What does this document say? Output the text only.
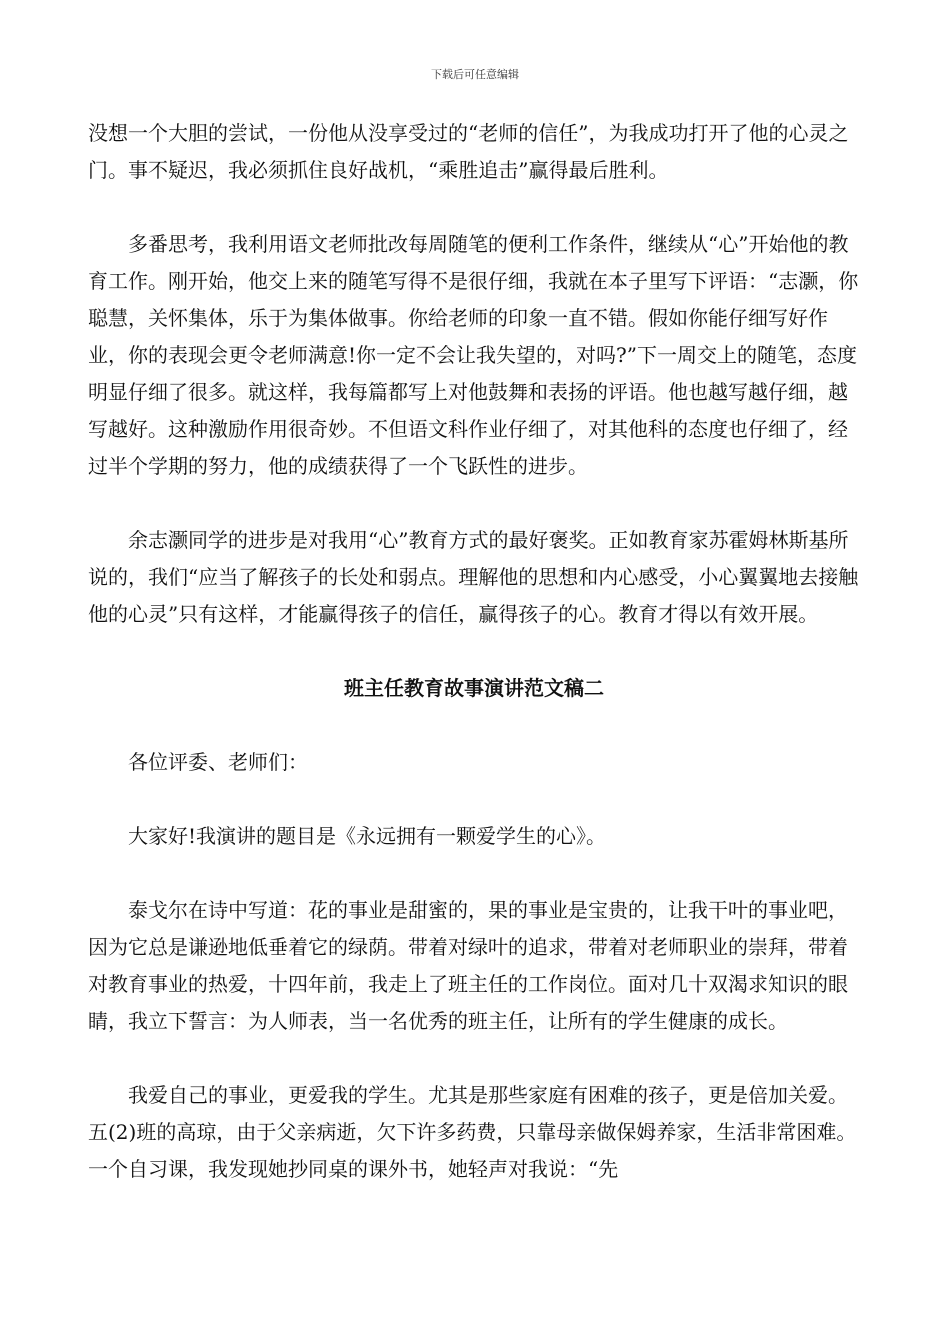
下载后可任意编辑

没想一个大胆的尝试，一份他从没享受过的“老师的信任”，为我成功打开了他的心灵之门。事不疑迟，我必须抓住良好战机，“乘胜追击”赢得最后胜利。

多番思考，我利用语文老师批改每周随笔的便利工作条件，继续从“心”开始他的教育工作。刚开始，他交上来的随笔写得不是很仔细，我就在本子里写下评语：“志灏，你聪慧，关怀集体，乐于为集体做事。你给老师的印象一直不错。假如你能仔细写好作业，你的表现会更令老师满意!你一定不会让我失望的，对吗?”下一周交上的随笔，态度明显仔细了很多。就这样，我每篇都写上对他鼓舞和表扬的评语。他也越写越仔细，越写越好。这种激励作用很奇妙。不但语文科作业仔细了，对其他科的态度也仔细了，经过半个学期的努力，他的成绩获得了一个飞跃性的进步。

余志灏同学的进步是对我用“心”教育方式的最好褒奖。正如教育家苏霍姆林斯基所说的，我们“应当了解孩子的长处和弱点。理解他的思想和内心感受，小心翼翼地去接触他的心灵”只有这样，才能赢得孩子的信任，赢得孩子的心。教育才得以有效开展。

班主任教育故事演讲范文稿二

各位评委、老师们：

大家好!我演讲的题目是《永远拥有一颗爱学生的心》。

泰戈尔在诗中写道：花的事业是甜蜜的，果的事业是宝贵的，让我干叶的事业吧，因为它总是谦逊地低垂着它的绿荫。带着对绿叶的追求，带着对老师职业的崇拜，带着对教育事业的热爱，十四年前，我走上了班主任的工作岗位。面对几十双渴求知识的眼睛，我立下誓言：为人师表，当一名优秀的班主任，让所有的学生健康的成长。

我爱自己的事业，更爱我的学生。尤其是那些家庭有困难的孩子，更是倍加关爱。五(2)班的高琼，由于父亲病逝，欠下许多药费，只靠母亲做保姆养家，生活非常困难。一个自习课，我发现她抄同桌的课外书，她轻声对我说：“先
